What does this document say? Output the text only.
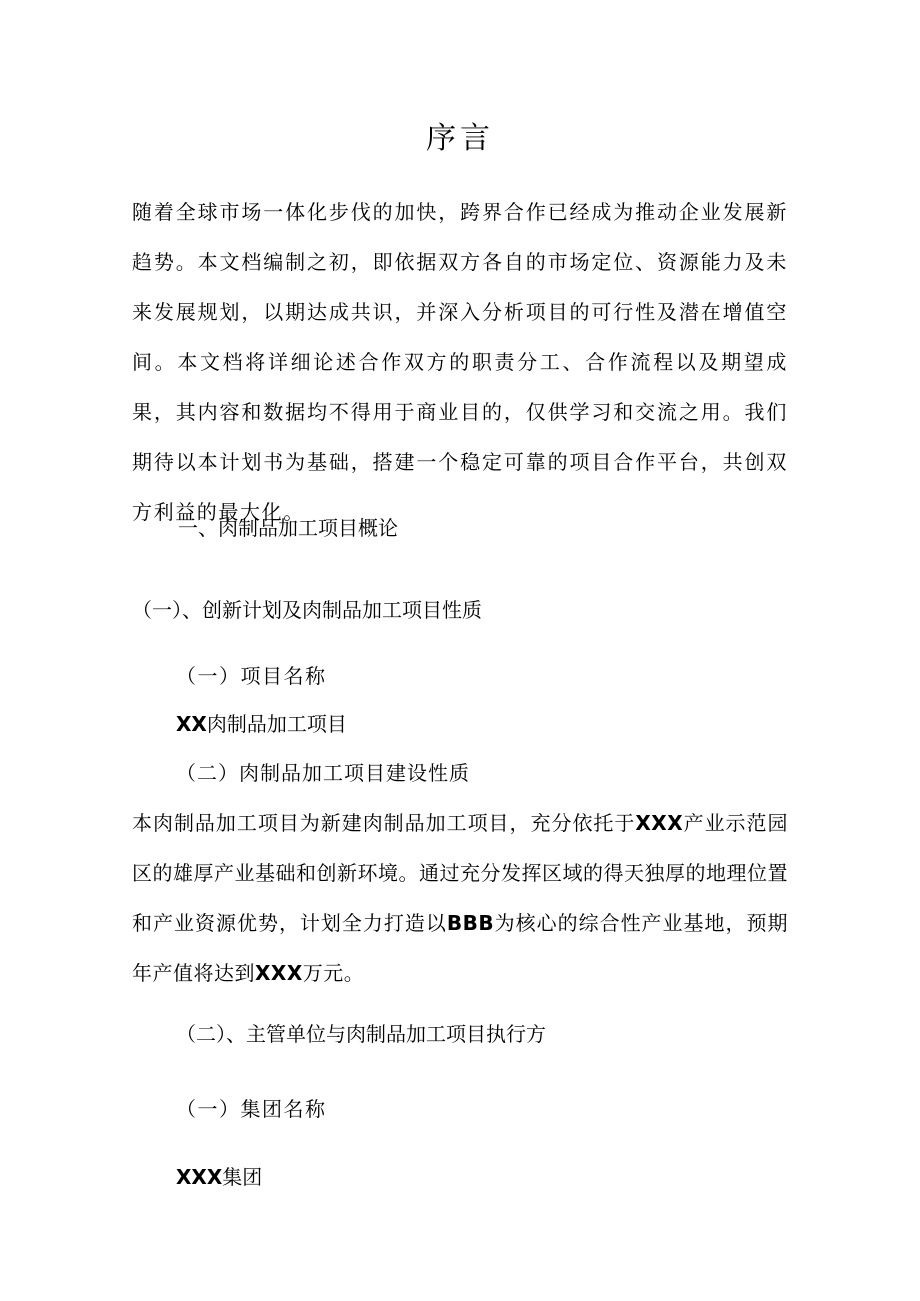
序言

随着全球市场一体化步伐的加快，跨界合作已经成为推动企业发展新趋势。本文档编制之初，即依据双方各自的市场定位、资源能力及未来发展规划，以期达成共识，并深入分析项目的可行性及潜在增值空间。本文档将详细论述合作双方的职责分工、合作流程以及期望成果，其内容和数据均不得用于商业目的，仅供学习和交流之用。我们期待以本计划书为基础，搭建一个稳定可靠的项目合作平台，共创双方利益的最大化。

一、肉制品加工项目概论
（一）、创新计划及肉制品加工项目性质
（一）项目名称
XX肉制品加工项目
（二）肉制品加工项目建设性质

本肉制品加工项目为新建肉制品加工项目，充分依托于XXX产业示范园区的雄厚产业基础和创新环境。通过充分发挥区域的得天独厚的地理位置和产业资源优势，计划全力打造以BBB为核心的综合性产业基地，预期年产值将达到XXX万元。

（二）、主管单位与肉制品加工项目执行方
（一）集团名称
XXX集团
